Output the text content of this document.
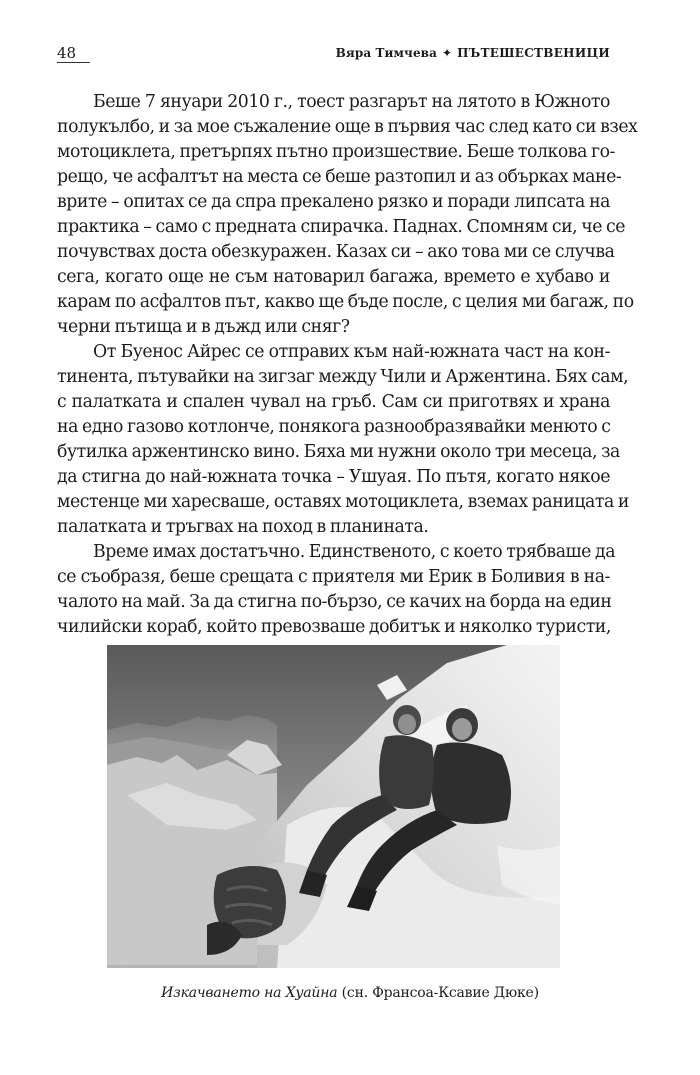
48	Вяра Тимчева ✦ ПЪТЕШЕСТВЕНИЦИ
Беше 7 януари 2010 г., тоест разгарът на лятото в Южното
полукълбо, и за мое съжаление още в първия час след като си взех
мотоциклета, претърпях пътно произшествие. Беше толкова го-
рещо, че асфалтът на места се беше разтопил и аз обърках мане-
врите – опитах се да спра прекалено рязко и поради липсата на
практика – само с предната спирачка. Паднах. Спомням си, че се
почувствах доста обезкуражен. Казах си – ако това ми се случва
сега, когато още не съм натоварил багажа, времето е хубаво и
карам по асфалтов път, какво ще бъде после, с целия ми багаж, по
черни пътища и в дъжд или сняг?
От Буенос Айрес се отправих към най-южната част на кон-
тинента, пътувайки на зигзаг между Чили и Аржентина. Бях сам,
с палатката и спален чувал на гръб. Сам си приготвях и храна
на едно газово котлонче, понякога разнообразявайки менюто с
бутилка аржентинско вино. Бяха ми нужни около три месеца, за
да стигна до най-южната точка – Ушуая. По пътя, когато някое
местенце ми харесваше, оставях мотоциклета, вземах раницата и
палатката и тръгвах на поход в планината.
Време имах достатъчно. Единственото, с което трябваше да
се съобразя, беше срещата с приятеля ми Ерик в Боливия в на-
чалото на май. За да стигна по-бързо, се качих на борда на един
чилийски кораб, който превозваше добитък и няколко туристи,
Изкачването на Хуайна (сн. Франсоа-Ксавие Дюке)
